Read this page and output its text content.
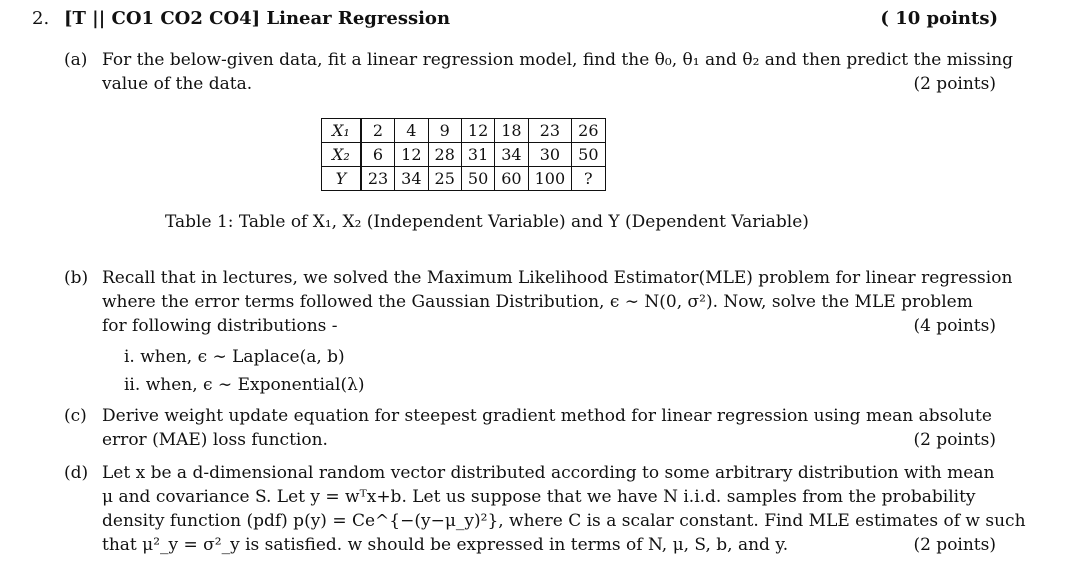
2. [T || CO1 CO2 CO4] Linear Regression	( 10 points)
(a) For the below-given data, fit a linear regression model, find the θ₀, θ₁ and θ₂ and then predict the missing
value of the data.	(2 points)
X₁	2	4	9	12	18	23	26
X₂	6	12	28	31	34	30	50
Y	23	34	25	50	60	100	?
Table 1: Table of X₁, X₂ (Independent Variable) and Y (Dependent Variable)
(b) Recall that in lectures, we solved the Maximum Likelihood Estimator(MLE) problem for linear regression
where the error terms followed the Gaussian Distribution, ϵ ∼ N(0, σ²). Now, solve the MLE problem
for following distributions -	(4 points)
i. when, ϵ ∼ Laplace(a, b)
ii. when, ϵ ∼ Exponential(λ)
(c) Derive weight update equation for steepest gradient method for linear regression using mean absolute
error (MAE) loss function.	(2 points)
(d) Let x be a d-dimensional random vector distributed according to some arbitrary distribution with mean
μ and covariance S. Let y = wᵀx+b. Let us suppose that we have N i.i.d. samples from the probability
density function (pdf) p(y) = Ce^{−(y−μ_y)²}, where C is a scalar constant. Find MLE estimates of w such
that μ²_y = σ²_y is satisfied. w should be expressed in terms of N, μ, S, b, and y.	(2 points)
